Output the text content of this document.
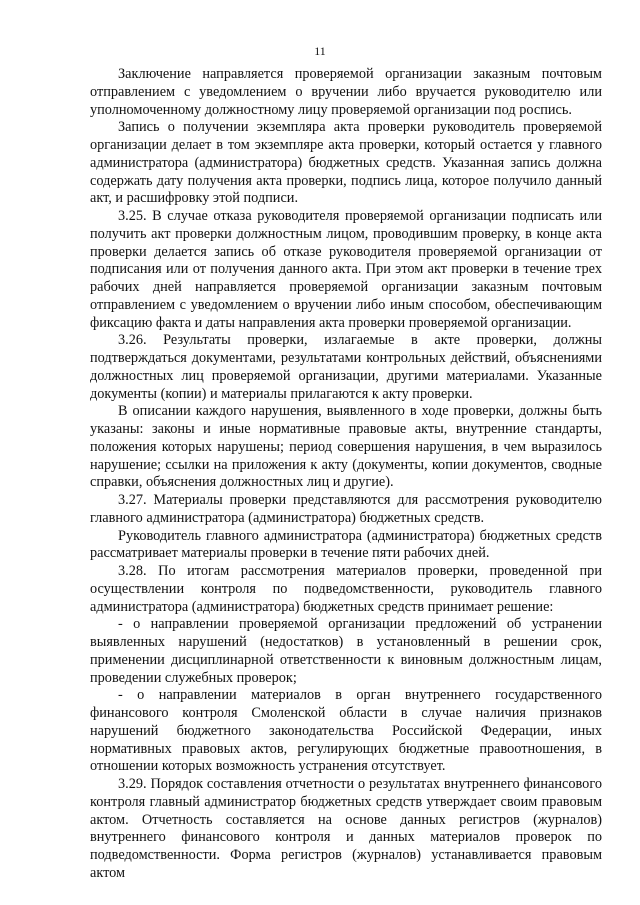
11

Заключение направляется проверяемой организации заказным почтовым отправлением с уведомлением о вручении либо вручается руководителю или уполномоченному должностному лицу проверяемой организации под роспись.

Запись о получении экземпляра акта проверки руководитель проверяемой организации делает в том экземпляре акта проверки, который остается у главного администратора (администратора) бюджетных средств. Указанная запись должна содержать дату получения акта проверки, подпись лица, которое получило данный акт, и расшифровку этой подписи.

3.25. В случае отказа руководителя проверяемой организации подписать или получить акт проверки должностным лицом, проводившим проверку, в конце акта проверки делается запись об отказе руководителя проверяемой организации от подписания или от получения данного акта. При этом акт проверки в течение трех рабочих дней направляется проверяемой организации заказным почтовым отправлением с уведомлением о вручении либо иным способом, обеспечивающим фиксацию факта и даты направления акта проверки проверяемой организации.

3.26. Результаты проверки, излагаемые в акте проверки, должны подтверждаться документами, результатами контрольных действий, объяснениями должностных лиц проверяемой организации, другими материалами. Указанные документы (копии) и материалы прилагаются к акту проверки.

В описании каждого нарушения, выявленного в ходе проверки, должны быть указаны: законы и иные нормативные правовые акты, внутренние стандарты, положения которых нарушены; период совершения нарушения, в чем выразилось нарушение; ссылки на приложения к акту (документы, копии документов, сводные справки, объяснения должностных лиц и другие).

3.27. Материалы проверки представляются для рассмотрения руководителю главного администратора (администратора) бюджетных средств.

Руководитель главного администратора (администратора) бюджетных средств рассматривает материалы проверки в течение пяти рабочих дней.

3.28. По итогам рассмотрения материалов проверки, проведенной при осуществлении контроля по подведомственности, руководитель главного администратора (администратора) бюджетных средств принимает решение:

- о направлении проверяемой организации предложений об устранении выявленных нарушений (недостатков) в установленный в решении срок, применении дисциплинарной ответственности к виновным должностным лицам, проведении служебных проверок;

- о направлении материалов в орган внутреннего государственного финансового контроля Смоленской области в случае наличия признаков нарушений бюджетного законодательства Российской Федерации, иных нормативных правовых актов, регулирующих бюджетные правоотношения, в отношении которых возможность устранения отсутствует.

3.29. Порядок составления отчетности о результатах внутреннего финансового контроля главный администратор бюджетных средств утверждает своим правовым актом. Отчетность составляется на основе данных регистров (журналов) внутреннего финансового контроля и данных материалов проверок по подведомственности. Форма регистров (журналов) устанавливается правовым актом
